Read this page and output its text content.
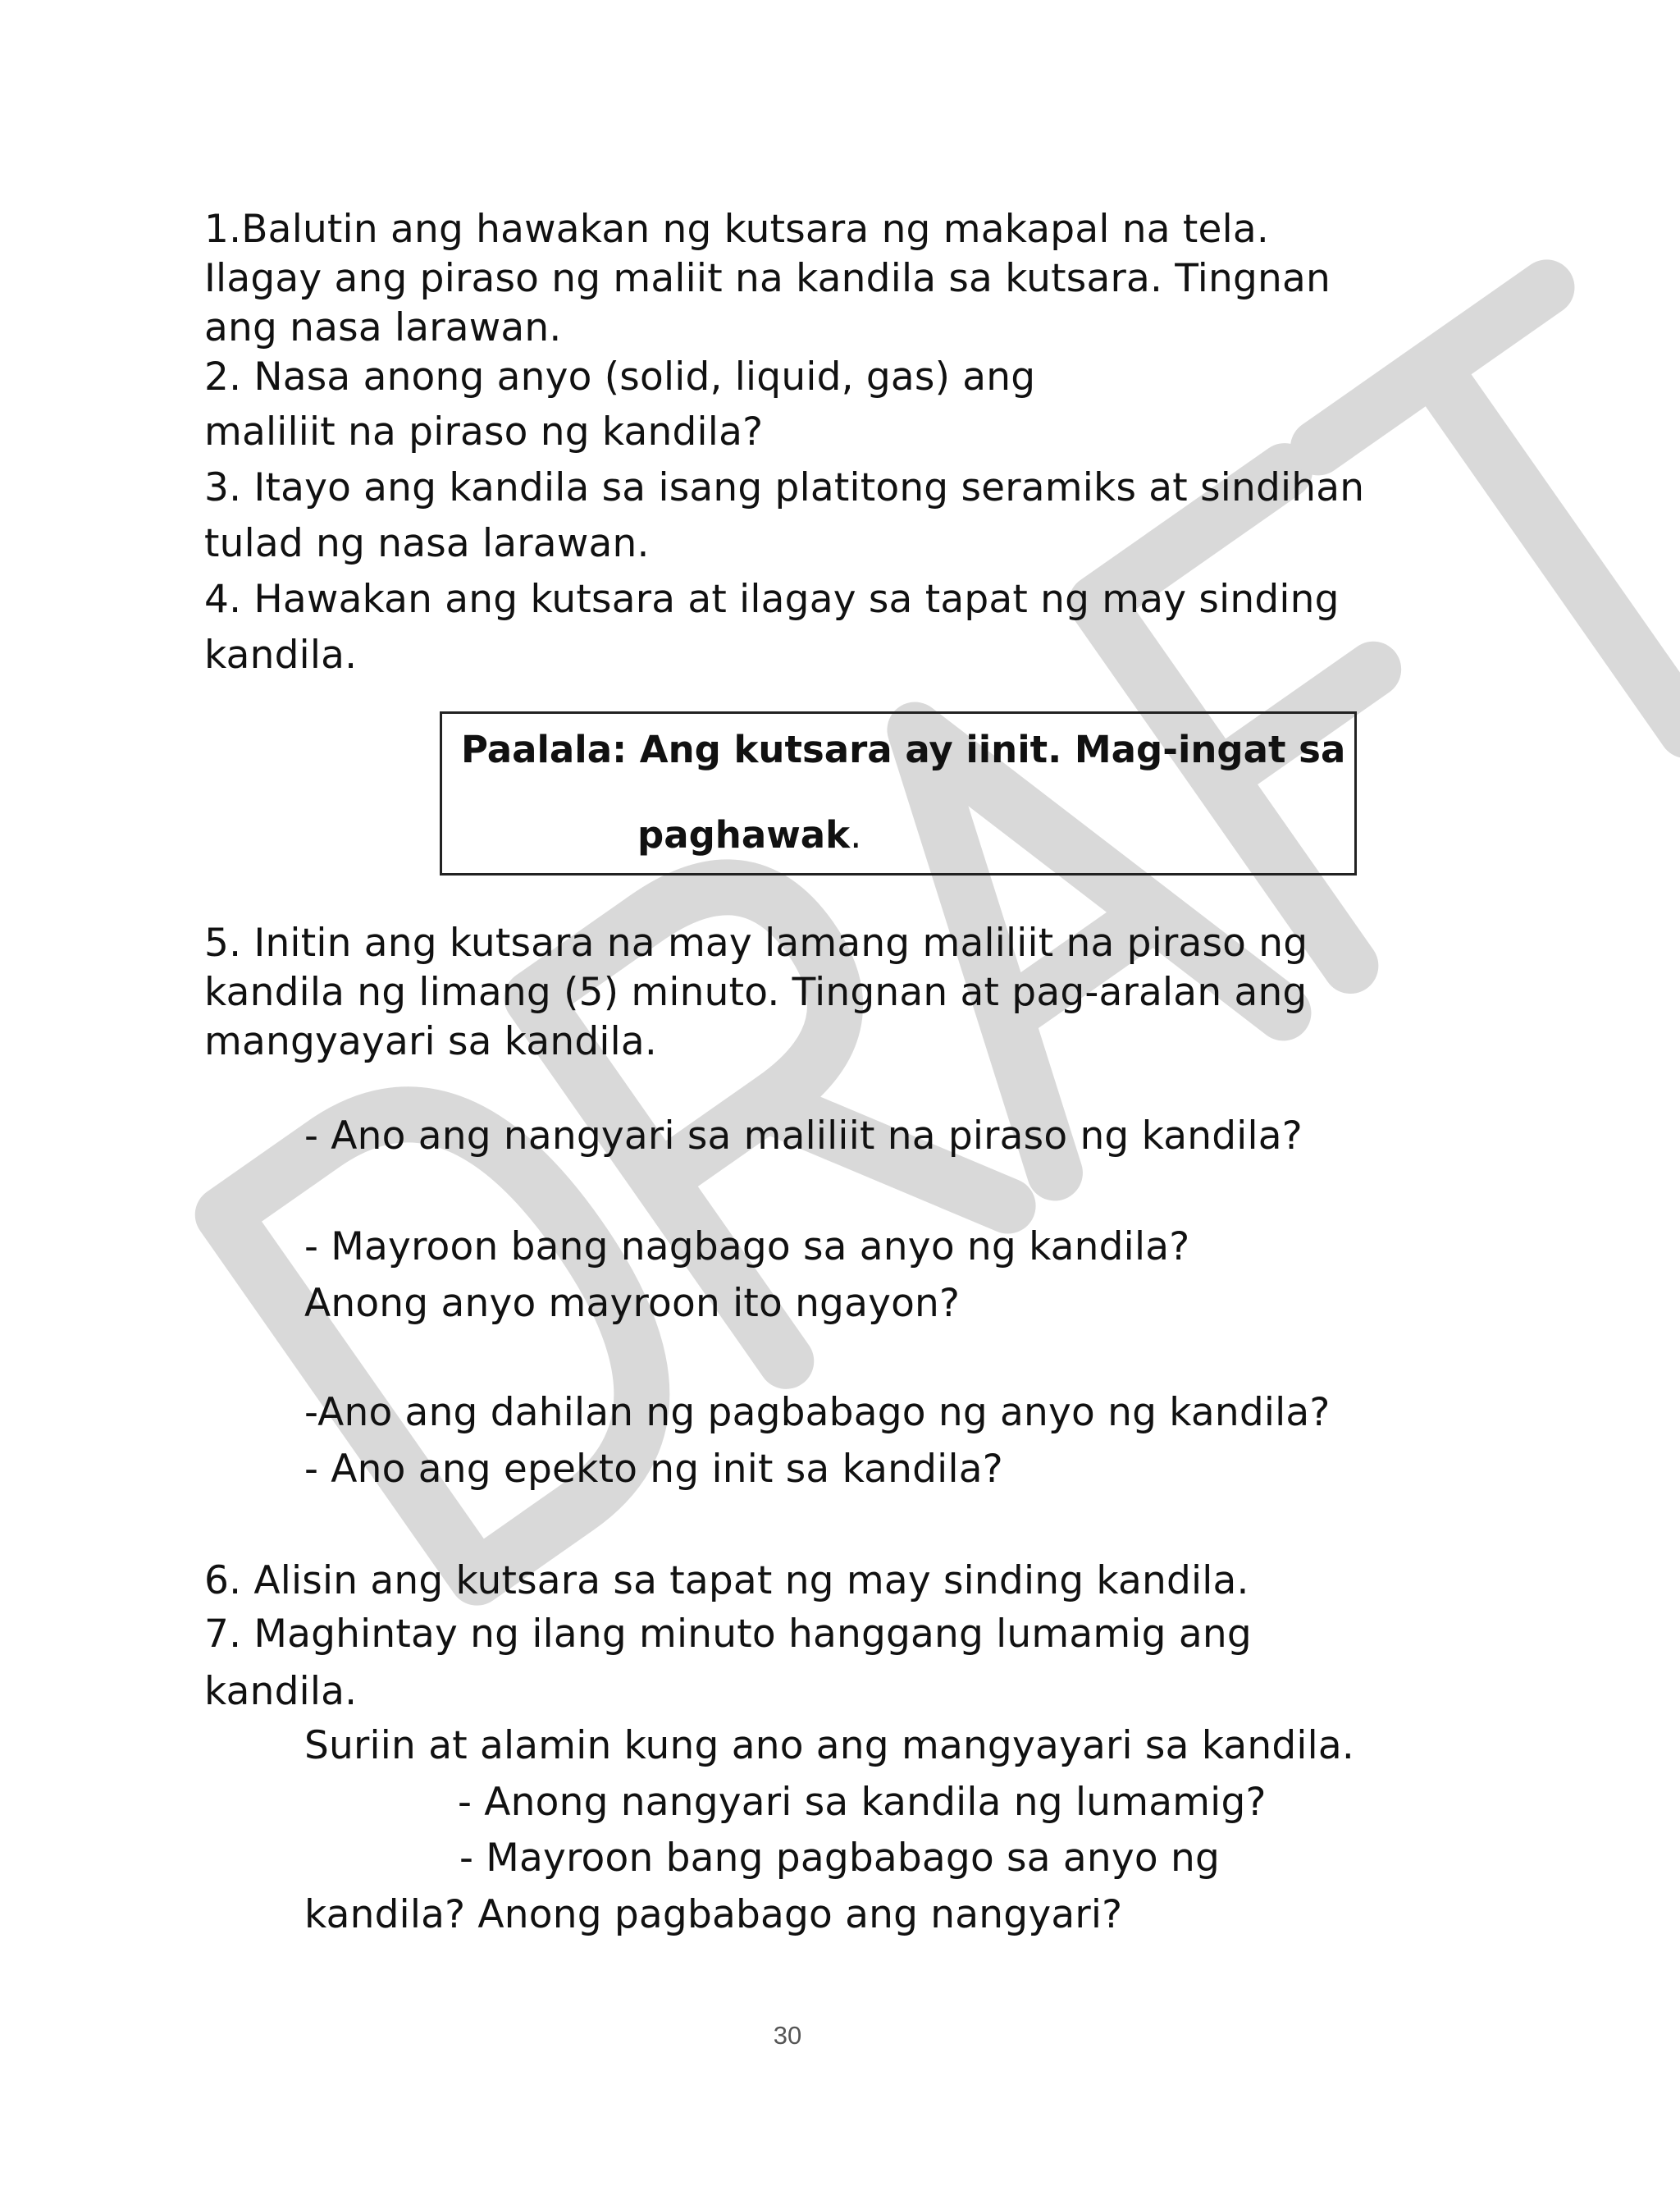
1.Balutin ang hawakan ng kutsara ng makapal na tela.
Ilagay ang piraso ng maliit na kandila sa kutsara. Tingnan
ang nasa larawan.
2. Nasa anong anyo (solid, liquid, gas) ang
maliliit na piraso ng kandila?
3. Itayo ang kandila sa isang platitong seramiks at sindihan
tulad ng nasa larawan.
4. Hawakan ang kutsara at ilagay sa tapat ng may sinding
kandila.
Paalala: Ang kutsara ay iinit. Mag-ingat sa
paghawak.
5. Initin ang kutsara na may lamang maliliit na piraso ng
kandila ng limang (5) minuto. Tingnan at pag-aralan ang
mangyayari sa kandila.
- Ano ang nangyari sa maliliit na piraso ng kandila?
- Mayroon bang nagbago sa anyo ng kandila?
Anong anyo mayroon ito ngayon?
-Ano ang dahilan ng pagbabago ng anyo ng kandila?
- Ano ang epekto ng init sa kandila?
6. Alisin ang kutsara sa tapat ng may sinding kandila.
7. Maghintay ng ilang minuto hanggang lumamig ang
kandila.
Suriin at alamin kung ano ang mangyayari sa kandila.
- Anong nangyari sa kandila ng lumamig?
- Mayroon bang pagbabago sa anyo ng
kandila? Anong pagbabago ang nangyari?
30
